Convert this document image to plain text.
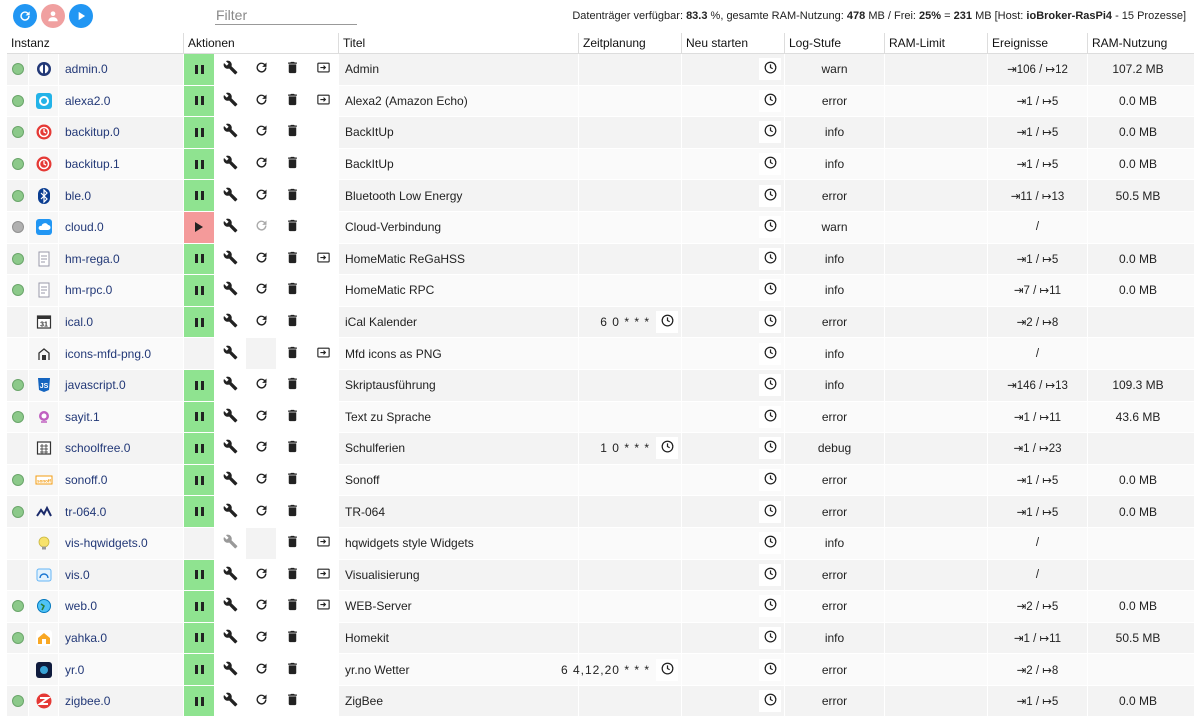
Filter
Datenträger verfügbar: 83.3 %, gesamte RAM-Nutzung: 478 MB / Frei: 25% = 231 MB [Host: ioBroker-RasPi4 - 15 Prozesse]
Instanz	Aktionen	Titel	Zeitplanung	Neu starten	Log-Stufe	RAM-Limit	Ereignisse	RAM-Nutzung
admin.0	Admin	warn	⇥106 / ↦12	107.2 MB
alexa2.0	Alexa2 (Amazon Echo)	error	⇥1 / ↦5	0.0 MB
backitup.0	BackItUp	info	⇥1 / ↦5	0.0 MB
backitup.1	BackItUp	info	⇥1 / ↦5	0.0 MB
ble.0	Bluetooth Low Energy	error	⇥11 / ↦13	50.5 MB
cloud.0	Cloud-Verbindung	warn	/
hm-rega.0	HomeMatic ReGaHSS	info	⇥1 / ↦5	0.0 MB
hm-rpc.0	HomeMatic RPC	info	⇥7 / ↦11	0.0 MB
31	ical.0	iCal Kalender	6 0 * * *	error	⇥2 / ↦8
icons-mfd-png.0	Mfd icons as PNG	info	/
JS	javascript.0	Skriptausführung	info	⇥146 / ↦13	109.3 MB
sayit.1	Text zu Sprache	error	⇥1 / ↦11	43.6 MB
schoolfree.0	Schulferien	1 0 * * *	debug	⇥1 / ↦23
sonoff	sonoff.0	Sonoff	error	⇥1 / ↦5	0.0 MB
tr-064.0	TR-064	error	⇥1 / ↦5	0.0 MB
vis-hqwidgets.0	hqwidgets style Widgets	info	/
vis.0	Visualisierung	error	/
web.0	WEB-Server	error	⇥2 / ↦5	0.0 MB
yahka.0	Homekit	info	⇥1 / ↦11	50.5 MB
yr.0	yr.no Wetter	6 4,12,20 * * *	error	⇥2 / ↦8
zigbee.0	ZigBee	error	⇥1 / ↦5	0.0 MB
